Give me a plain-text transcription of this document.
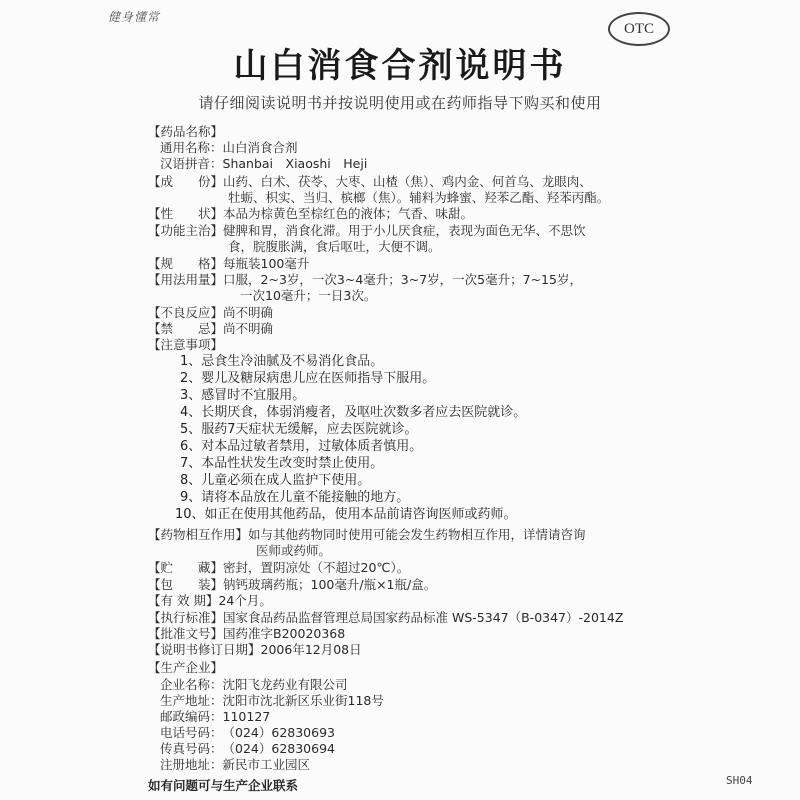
健身懂常
OTC
山白消食合剂说明书
请仔细阅读说明书并按说明使用或在药师指导下购买和使用
【药品名称】
通用名称：山白消食合剂
汉语拼音：Shanbai　Xiaoshi　Heji
【成　　份】山药、白术、茯苓、大枣、山楂（焦）、鸡内金、何首乌、龙眼肉、
牡蛎、枳实、当归、槟榔（焦）。辅料为蜂蜜、羟苯乙酯、羟苯丙酯。
【性　　状】本品为棕黄色至棕红色的液体；气香、味甜。
【功能主治】健脾和胃，消食化滞。用于小儿厌食症，表现为面色无华、不思饮
食，脘腹胀满，食后呕吐，大便不调。
【规　　格】每瓶装100毫升
【用法用量】口服，2~3岁，一次3~4毫升；3~7岁，一次5毫升；7~15岁，
一次10毫升；一日3次。
【不良反应】尚不明确
【禁　　忌】尚不明确
【注意事项】
1、忌食生冷油腻及不易消化食品。
2、婴儿及糖尿病患儿应在医师指导下服用。
3、感冒时不宜服用。
4、长期厌食，体弱消瘦者，及呕吐次数多者应去医院就诊。
5、服药7天症状无缓解，应去医院就诊。
6、对本品过敏者禁用，过敏体质者慎用。
7、本品性状发生改变时禁止使用。
8、儿童必须在成人监护下使用。
9、请将本品放在儿童不能接触的地方。
10、如正在使用其他药品，使用本品前请咨询医师或药师。
【药物相互作用】如与其他药物同时使用可能会发生药物相互作用，详情请咨询
医师或药师。
【贮　　藏】密封，置阴凉处（不超过20℃）。
【包　　装】钠钙玻璃药瓶；100毫升/瓶×1瓶/盒。
【有 效 期】24个月。
【执行标准】国家食品药品监督管理总局国家药品标准 WS-5347（B-0347）-2014Z
【批准文号】国药准字B20020368
【说明书修订日期】2006年12月08日
【生产企业】
企业名称：沈阳飞龙药业有限公司
生产地址：沈阳市沈北新区乐业街118号
邮政编码：110127
电话号码：（024）62830693
传真号码：（024）62830694
注册地址：新民市工业园区
如有问题可与生产企业联系	SH04
